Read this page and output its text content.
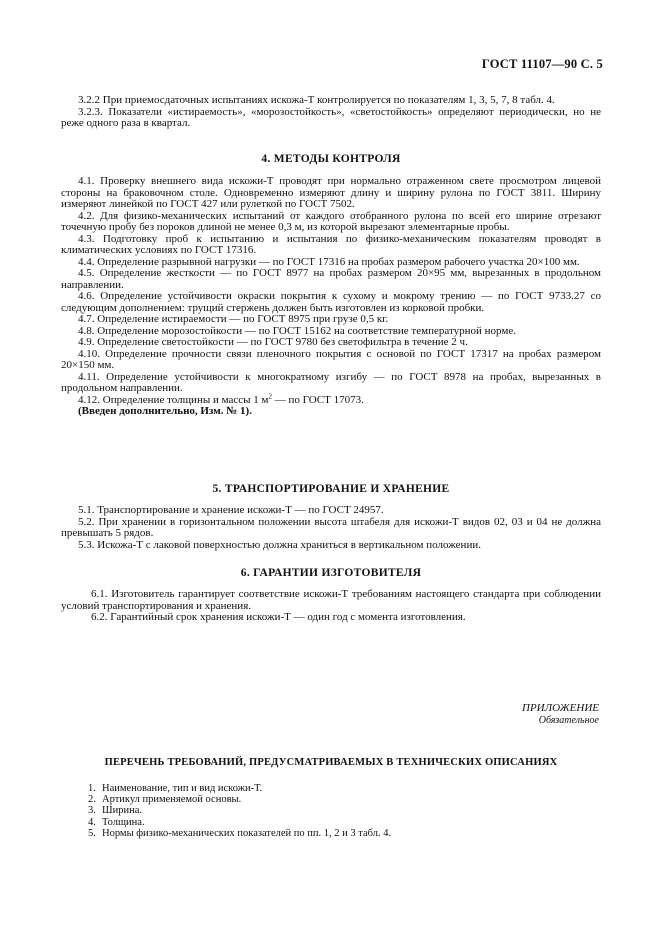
ГОСТ 11107—90 С. 5

3.2.2 При приемосдаточных испытаниях искожа-Т контролируется по показателям 1, 3, 5, 7, 8 табл. 4.

3.2.3. Показатели «истираемость», «морозостойкость», «светостойкость» определяют периодически, но не реже одного раза в квартал.

4. МЕТОДЫ КОНТРОЛЯ

4.1. Проверку внешнего вида искожи-Т проводят при нормально отраженном свете просмотром лицевой стороны на браковочном столе. Одновременно измеряют длину и ширину рулона по ГОСТ 3811. Ширину измеряют линейкой по ГОСТ 427 или рулеткой по ГОСТ 7502.

4.2. Для физико-механических испытаний от каждого отобранного рулона по всей его ширине отрезают точечную пробу без пороков длиной не менее 0,3 м, из которой вырезают элементарные пробы.

4.3. Подготовку проб к испытанию и испытания по физико-механическим показателям проводят в климатических условиях по ГОСТ 17316.

4.4. Определение разрывной нагрузки — по ГОСТ 17316 на пробах размером рабочего участка 20×100 мм.

4.5. Определение жесткости — по ГОСТ 8977 на пробах размером 20×95 мм, вырезанных в продольном направлении.

4.6. Определение устойчивости окраски покрытия к сухому и мокрому трению — по ГОСТ 9733.27 со следующим дополнением: трущий стержень должен быть изготовлен из корковой пробки.

4.7. Определение истираемости — по ГОСТ 8975 при грузе 0,5 кг.

4.8. Определение морозостойкости — по ГОСТ 15162 на соответствие температурной норме.

4.9. Определение светостойкости — по ГОСТ 9780 без светофильтра в течение 2 ч.

4.10. Определение прочности связи пленочного покрытия с основой по ГОСТ 17317 на пробах размером 20×150 мм.

4.11. Определение устойчивости к многократному изгибу — по ГОСТ 8978 на пробах, вырезанных в продольном направлении.

4.12. Определение толщины и массы 1 $м^2$ — по ГОСТ 17073.

(Введен дополнительно, Изм. № 1).

5. ТРАНСПОРТИРОВАНИЕ И ХРАНЕНИЕ

5.1. Транспортирование и хранение искожи-Т — по ГОСТ 24957.

5.2. При хранении в горизонтальном положении высота штабеля для искожи-Т видов 02, 03 и 04 не должна превышать 5 рядов.

5.3. Искожа-Т с лаковой поверхностью должна храниться в вертикальном положении.

6. ГАРАНТИИ ИЗГОТОВИТЕЛЯ

6.1. Изготовитель гарантирует соответствие искожи-Т требованиям настоящего стандарта при соблюдении условий транспортирования и хранения.

6.2. Гарантийный срок хранения искожи-Т — один год с момента изготовления.

ПРИЛОЖЕНИЕ
Обязательное
ПЕРЕЧЕНЬ ТРЕБОВАНИЙ, ПРЕДУСМАТРИВАЕМЫХ В ТЕХНИЧЕСКИХ ОПИСАНИЯХ
1. Наименование, тип и вид искожи-Т.
2. Артикул применяемой основы.
3. Ширина.
4. Толщина.
5. Нормы физико-механических показателей по пп. 1, 2 и 3 табл. 4.
